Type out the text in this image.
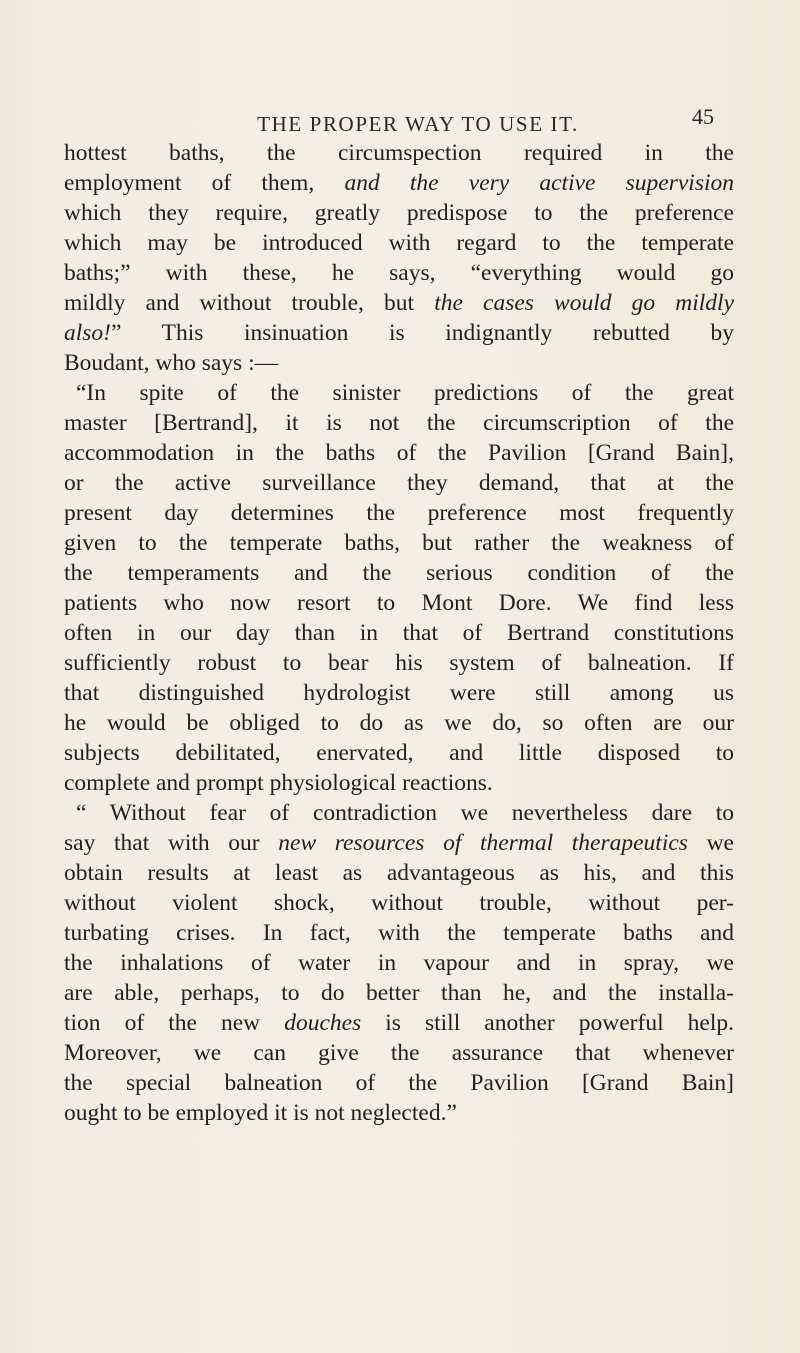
THE PROPER WAY TO USE IT.	45
hottest baths, the circumspection required in the
employment of them, and the very active supervision
which they require, greatly predispose to the preference
which may be introduced with regard to the temperate
baths;” with these, he says, “everything would go
mildly and without trouble, but the cases would go mildly
also!” This insinuation is indignantly rebutted by
Boudant, who says :—
“In spite of the sinister predictions of the great
master [Bertrand], it is not the circumscription of the
accommodation in the baths of the Pavilion [Grand Bain],
or the active surveillance they demand, that at the
present day determines the preference most frequently
given to the temperate baths, but rather the weakness of
the temperaments and the serious condition of the
patients who now resort to Mont Dore. We find less
often in our day than in that of Bertrand constitutions
sufficiently robust to bear his system of balneation. If
that distinguished hydrologist were still among us
he would be obliged to do as we do, so often are our
subjects debilitated, enervated, and little disposed to
complete and prompt physiological reactions.
“ Without fear of contradiction we nevertheless dare to
say that with our new resources of thermal therapeutics we
obtain results at least as advantageous as his, and this
without violent shock, without trouble, without per-
turbating crises. In fact, with the temperate baths and
the inhalations of water in vapour and in spray, we
are able, perhaps, to do better than he, and the installa-
tion of the new douches is still another powerful help.
Moreover, we can give the assurance that whenever
the special balneation of the Pavilion [Grand Bain]
ought to be employed it is not neglected.”
